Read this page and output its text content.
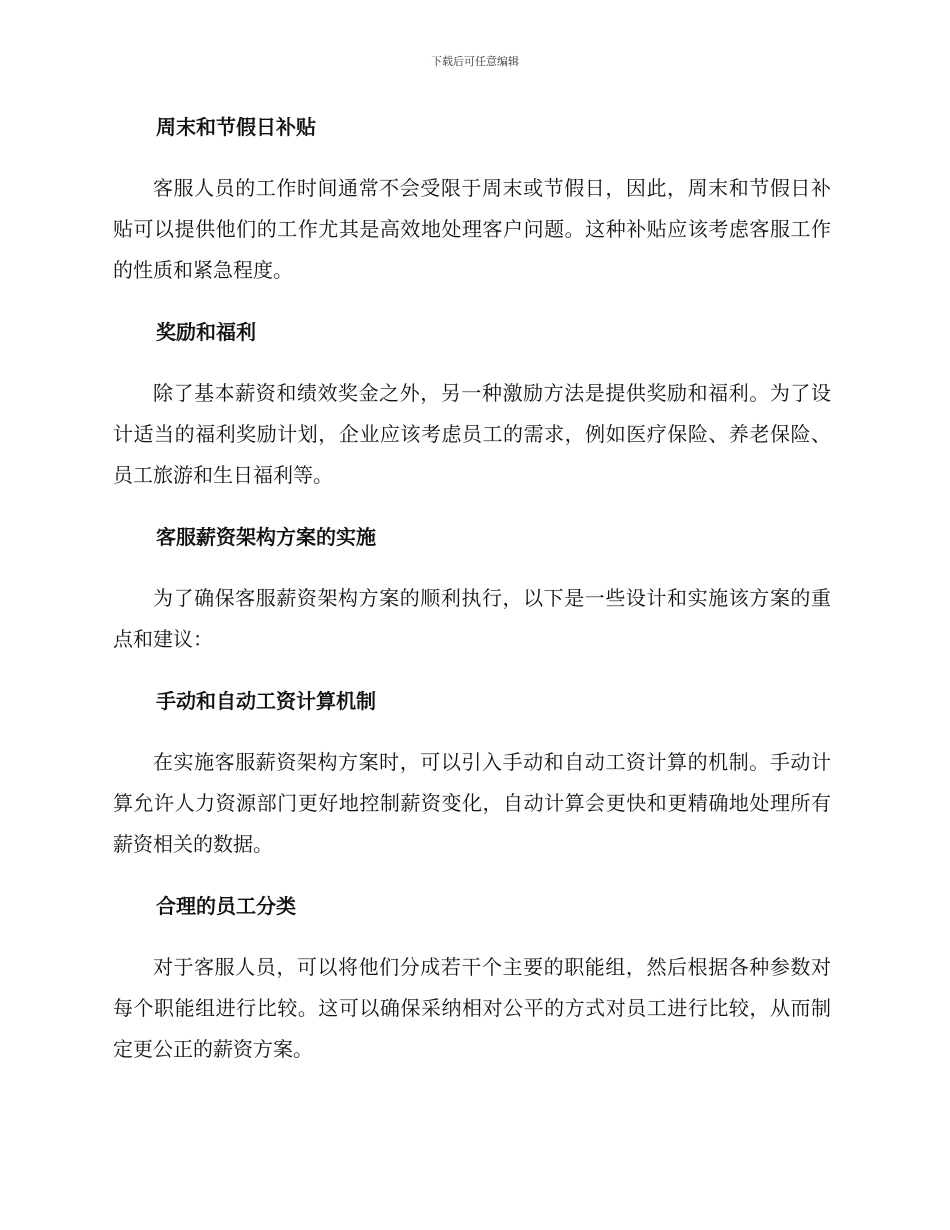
下载后可任意编辑
周末和节假日补贴

客服人员的工作时间通常不会受限于周末或节假日，因此，周末和节假日补贴可以提供他们的工作尤其是高效地处理客户问题。这种补贴应该考虑客服工作的性质和紧急程度。

奖励和福利

除了基本薪资和绩效奖金之外，另一种激励方法是提供奖励和福利。为了设计适当的福利奖励计划，企业应该考虑员工的需求，例如医疗保险、养老保险、员工旅游和生日福利等。

客服薪资架构方案的实施

为了确保客服薪资架构方案的顺利执行，以下是一些设计和实施该方案的重点和建议：

手动和自动工资计算机制

在实施客服薪资架构方案时，可以引入手动和自动工资计算的机制。手动计算允许人力资源部门更好地控制薪资变化，自动计算会更快和更精确地处理所有薪资相关的数据。

合理的员工分类

对于客服人员，可以将他们分成若干个主要的职能组，然后根据各种参数对每个职能组进行比较。这可以确保采纳相对公平的方式对员工进行比较，从而制定更公正的薪资方案。
